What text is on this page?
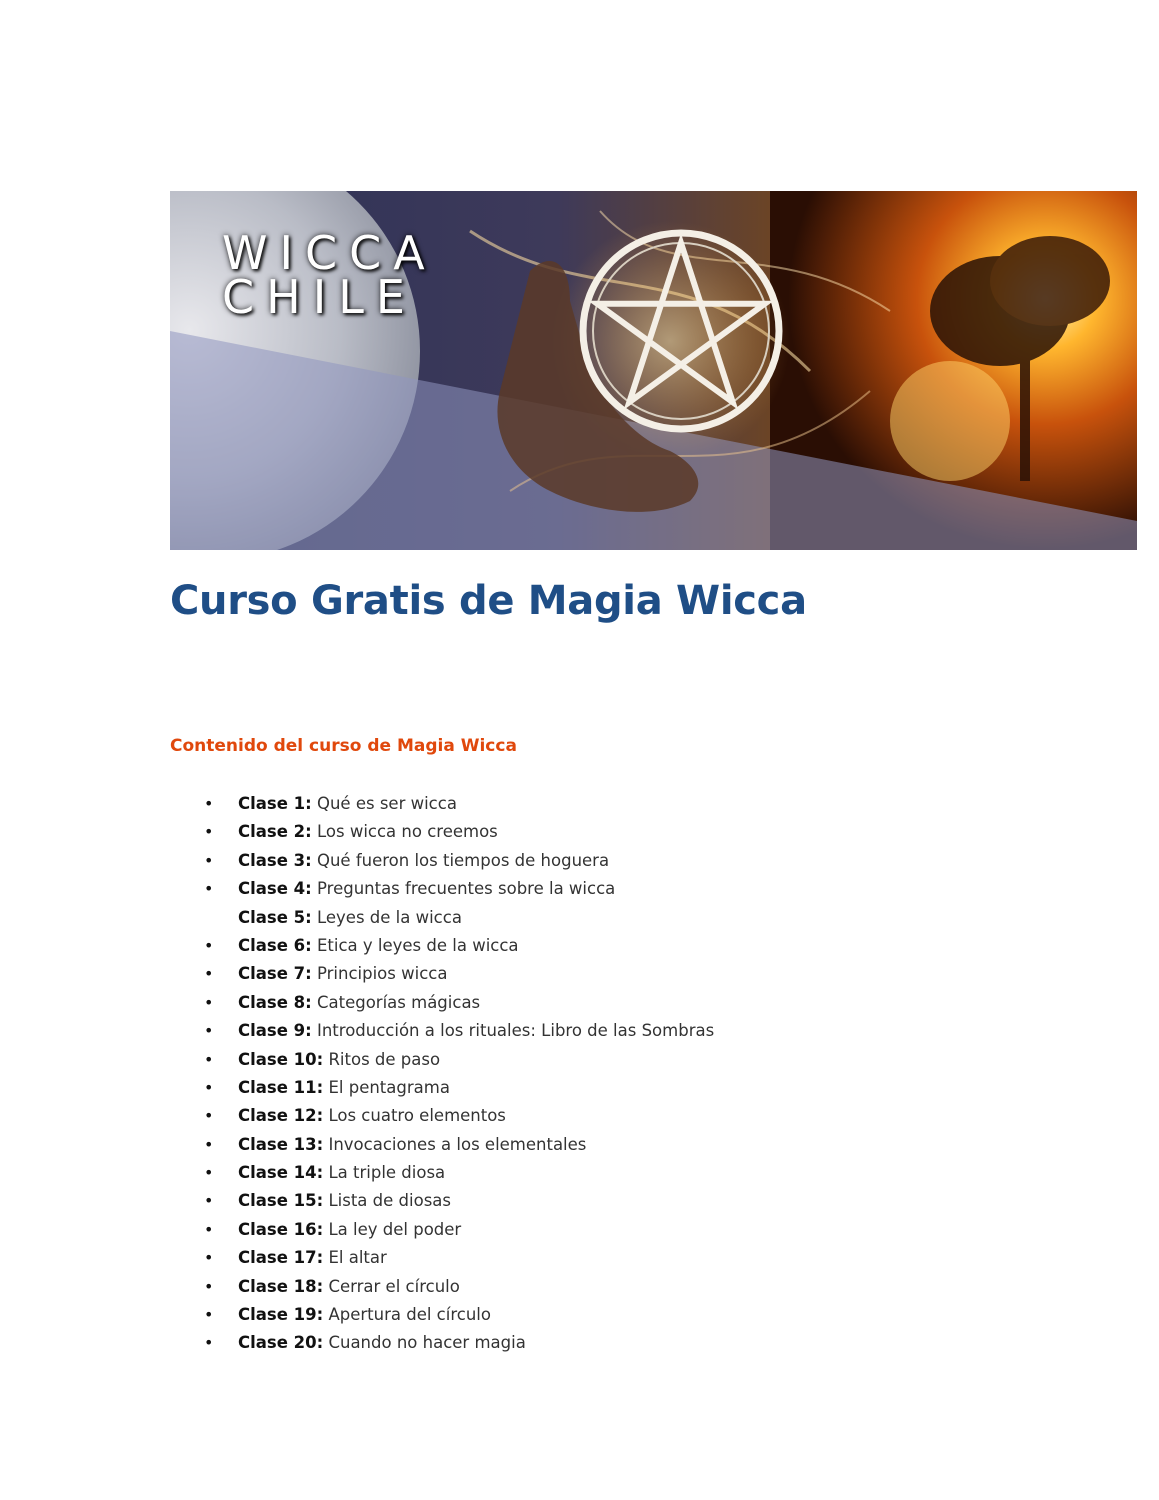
WICCA
CHILE
Curso Gratis de Magia Wicca
Contenido del curso de Magia Wicca
• Clase 1: Qué es ser wicca
• Clase 2: Los wicca no creemos
• Clase 3: Qué fueron los tiempos de hoguera
• Clase 4: Preguntas frecuentes sobre la wicca
Clase 5: Leyes de la wicca
• Clase 6: Etica y leyes de la wicca
• Clase 7: Principios wicca
• Clase 8: Categorías mágicas
• Clase 9: Introducción a los rituales: Libro de las Sombras
• Clase 10: Ritos de paso
• Clase 11: El pentagrama
• Clase 12: Los cuatro elementos
• Clase 13: Invocaciones a los elementales
• Clase 14: La triple diosa
• Clase 15: Lista de diosas
• Clase 16: La ley del poder
• Clase 17: El altar
• Clase 18: Cerrar el círculo
• Clase 19: Apertura del círculo
• Clase 20: Cuando no hacer magia
